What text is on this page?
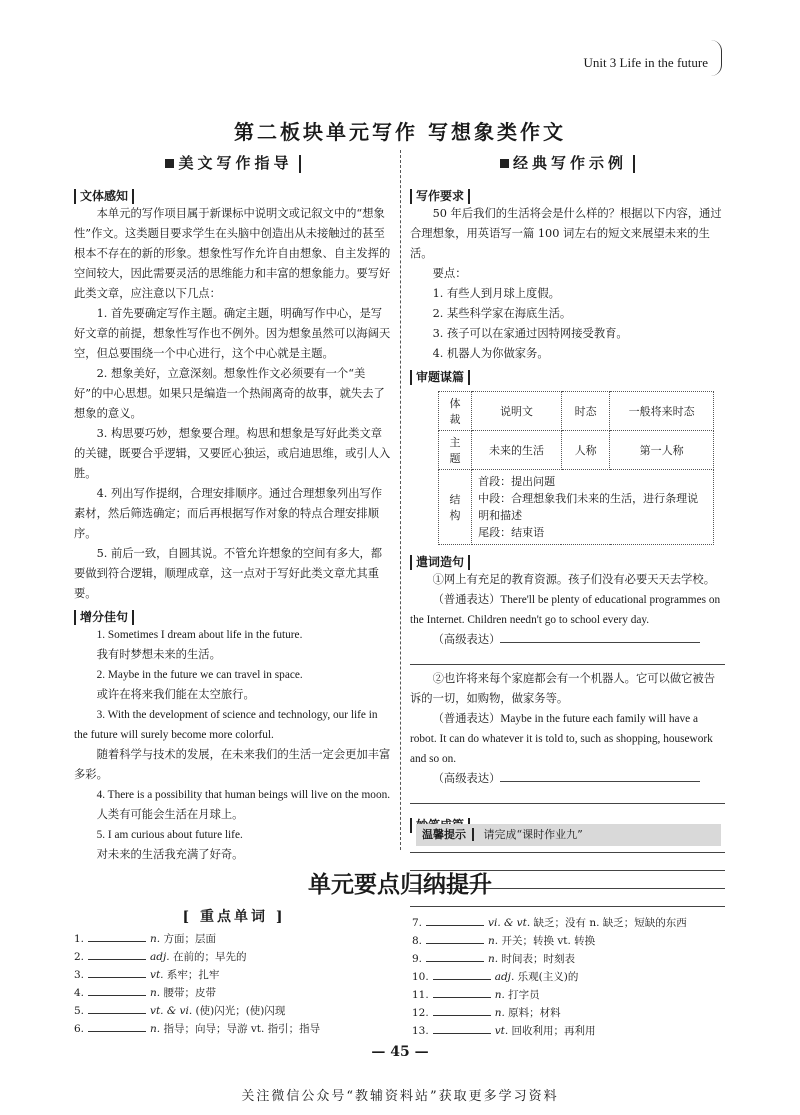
Unit 3 Life in the future
第二板块单元写作 写想象类作文
美文写作指导
文体感知

本单元的写作项目属于新课标中说明文或记叙文中的“想象性”作文。这类题目要求学生在头脑中创造出从未接触过的甚至根本不存在的新的形象。想象性写作允许自由想象、自主发挥的空间较大，因此需要灵活的思维能力和丰富的想象能力。要写好此类文章，应注意以下几点：

1. 首先要确定写作主题。确定主题，明确写作中心，是写好文章的前提，想象性写作也不例外。因为想象虽然可以海阔天空，但总要围绕一个中心进行，这个中心就是主题。

2. 想象美好，立意深刻。想象性作文必须要有一个“美好”的中心思想。如果只是编造一个热闹离奇的故事，就失去了想象的意义。

3. 构思要巧妙，想象要合理。构思和想象是写好此类文章的关键，既要合乎逻辑，又要匠心独运，或启迪思维，或引人入胜。

4. 列出写作提纲，合理安排顺序。通过合理想象列出写作素材，然后筛选确定；而后再根据写作对象的特点合理安排顺序。

5. 前后一致，自圆其说。不管允许想象的空间有多大，都要做到符合逻辑，顺理成章，这一点对于写好此类文章尤其重要。

增分佳句

1. Sometimes I dream about life in the future.

我有时梦想未来的生活。

2. Maybe in the future we can travel in space.

或许在将来我们能在太空旅行。

3. With the development of science and technology, our life in the future will surely become more colorful.

随着科学与技术的发展，在未来我们的生活一定会更加丰富多彩。

4. There is a possibility that human beings will live on the moon.

人类有可能会生活在月球上。

5. I am curious about future life.

对未来的生活我充满了好奇。

经典写作示例
写作要求

50 年后我们的生活将会是什么样的？根据以下内容，通过合理想象，用英语写一篇 100 词左右的短文来展望未来的生活。

要点：

1. 有些人到月球上度假。

2. 某些科学家在海底生活。

3. 孩子可以在家通过因特网接受教育。

4. 机器人为你做家务。

审题谋篇
体裁	说明文	时态	一般将来时态
主题	未来的生活	人称	第一人称
结构	首段：提出问题
中段：合理想象我们未来的生活，进行条理说明和描述
尾段：结束语		
遣词造句

①网上有充足的教育资源。孩子们没有必要天天去学校。

（普通表达）There'll be plenty of educational programmes on the Internet. Children needn't go to school every day.

（高级表达）

②也许将来每个家庭都会有一个机器人。它可以做它被告诉的一切，如购物，做家务等。

（普通表达）Maybe in the future each family will have a robot. It can do whatever it is told to, such as shopping, housework and so on.

（高级表达）

温馨提示 请完成“课时作业九”
单元要点归纳提升
[ 重点单词 ]
1.	n. 方面；层面
2.	adj. 在前的；早先的
3.	vt. 系牢；扎牢
4.	n. 腰带；皮带
5.	vt. & vi. (使)闪光；(使)闪现
6.	n. 指导；向导；导游 vt. 指引；指导
7.	vi. & vt. 缺乏；没有 n. 缺乏；短缺的东西
8.	n. 开关；转换 vt. 转换
9.	n. 时间表；时刻表
10.	adj. 乐观(主义)的
11.	n. 打字员
12.	n. 原料；材料
13.	vt. 回收利用；再利用
— 45 —
关注微信公众号“教辅资料站”获取更多学习资料
